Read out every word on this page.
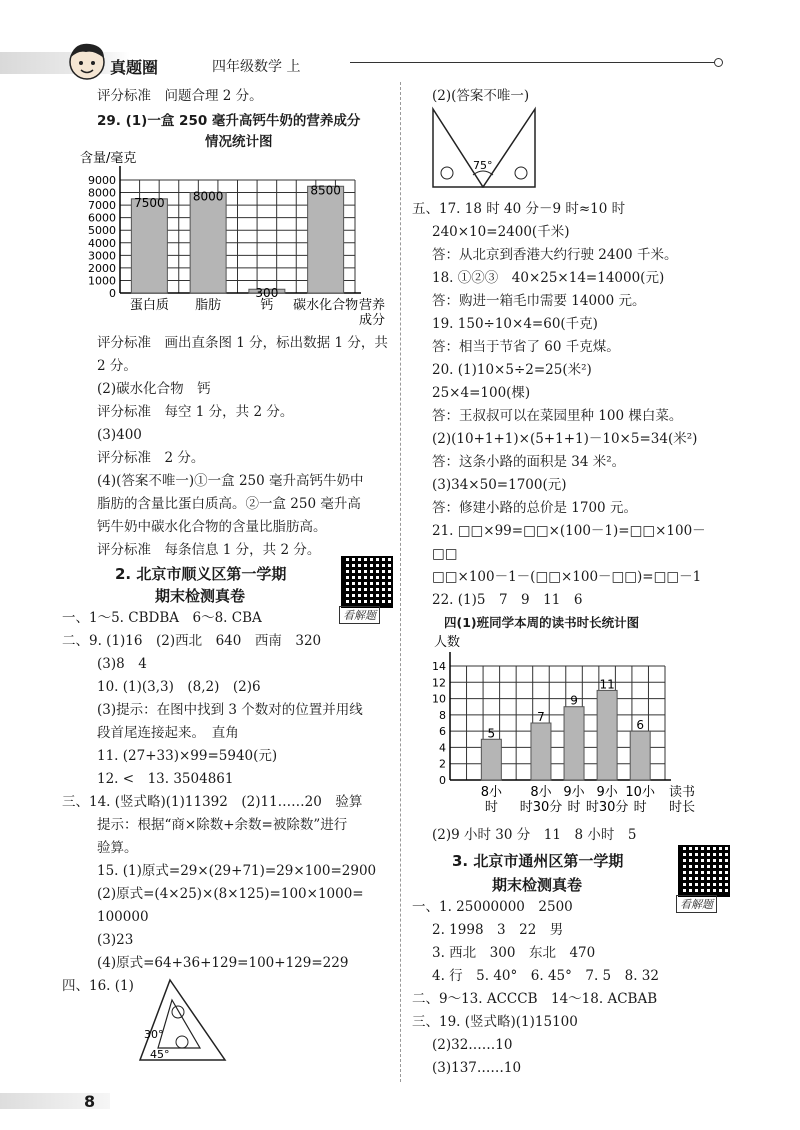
真题圈	四年级数学 上
评分标准　问题合理 2 分。
29. (1)一盒 250 毫升高钙牛奶的营养成分
情况统计图
0
1000
2000
3000
4000
5000
6000
7000
8000
9000
含量/毫克
7500
蛋白质
8000
脂肪
300
钙
8500
碳水化合物 营养
成分
评分标准　画出直条图 1 分，标出数据 1 分，共
2 分。
(2)碳水化合物　钙
评分标准　每空 1 分，共 2 分。
(3)400
评分标准　2 分。
(4)(答案不唯一)①一盒 250 毫升高钙牛奶中
脂肪的含量比蛋白质高。②一盒 250 毫升高
钙牛奶中碳水化合物的含量比脂肪高。
评分标准　每条信息 1 分，共 2 分。
2. 北京市顺义区第一学期
期末检测真卷
看解题
一、1～5. CBDBA　6～8. CBA
二、9. (1)16　(2)西北　640　西南　320
(3)8　4
10. (1)(3,3)　(8,2)　(2)6
(3)提示：在图中找到 3 个数对的位置并用线
段首尾连接起来。　直角
11. (27+33)×99=5940(元)
12. <　13. 3504861
三、14. (竖式略)(1)11392　(2)11……20　验算
提示：根据“商×除数+余数=被除数”进行
验算。
15. (1)原式=29×(29+71)=29×100=2900
(2)原式=(4×25)×(8×125)=100×1000=
100000
(3)23
(4)原式=64+36+129=100+129=229
四、16. (1)
30°
45°
(2)(答案不唯一)
75°
五、17. 18 时 40 分－9 时≈10 时
240×10=2400(千米)
答：从北京到香港大约行驶 2400 千米。
18. ①②③　40×25×14=14000(元)
答：购进一箱毛巾需要 14000 元。
19. 150÷10×4=60(千克)
答：相当于节省了 60 千克煤。
20. (1)10×5÷2=25(米²)
25×4=100(棵)
答：王叔叔可以在菜园里种 100 棵白菜。
(2)(10+1+1)×(5+1+1)－10×5=34(米²)
答：这条小路的面积是 34 米²。
(3)34×50=1700(元)
答：修建小路的总价是 1700 元。
21. □□×99=□□×(100－1)=□□×100－
□□
□□×100－1－(□□×100－□□)=□□－1
22. (1)5　7　9　11　6
四(1)班同学本周的读书时长统计图
0
2
4
6
8
10
12
14
人数
5
8小
时
7
8小
时30分
9
9小
时
11
9小
时30分
6
10小
时
读书
时长
(2)9 小时 30 分　11　8 小时　5
3. 北京市通州区第一学期
期末检测真卷
看解题
一、1. 25000000　2500
2. 1998　3　22　男
3. 西北　300　东北　470
4. 行　5. 40°　6. 45°　7. 5　8. 32
二、9～13. ACCCB　14～18. ACBAB
三、19. (竖式略)(1)15100
(2)32……10
(3)137……10
8
